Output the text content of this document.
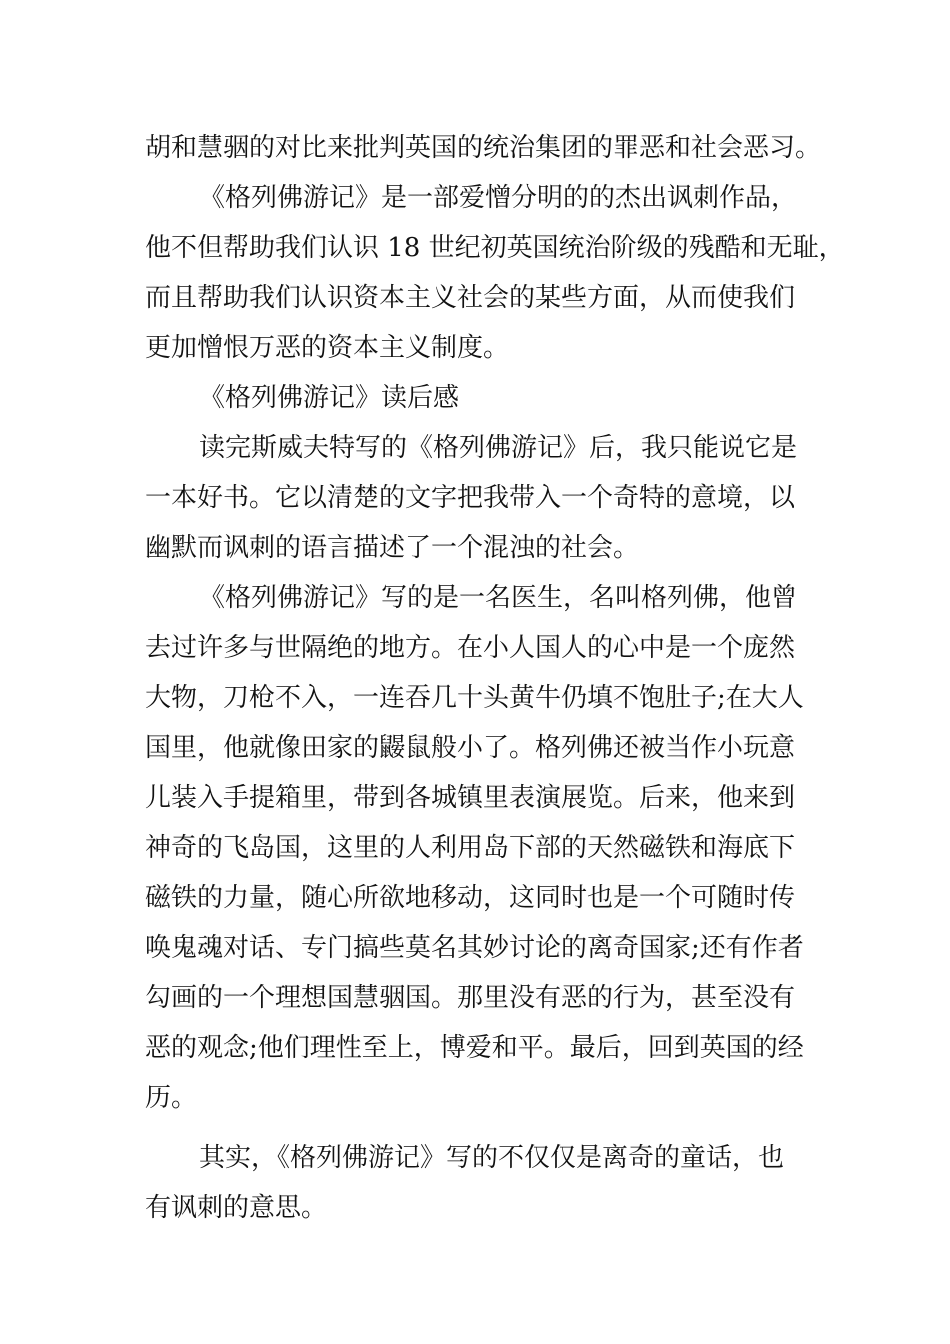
胡和慧骃的对比来批判英国的统治集团的罪恶和社会恶习。
《格列佛游记》是一部爱憎分明的的杰出讽刺作品，
他不但帮助我们认识 18 世纪初英国统治阶级的残酷和无耻，
而且帮助我们认识资本主义社会的某些方面，从而使我们
更加憎恨万恶的资本主义制度。
《格列佛游记》读后感
读完斯威夫特写的《格列佛游记》后，我只能说它是
一本好书。它以清楚的文字把我带入一个奇特的意境，以
幽默而讽刺的语言描述了一个混浊的社会。
《格列佛游记》写的是一名医生，名叫格列佛，他曾
去过许多与世隔绝的地方。在小人国人的心中是一个庞然
大物，刀枪不入，一连吞几十头黄牛仍填不饱肚子;在大人
国里，他就像田家的鼹鼠般小了。格列佛还被当作小玩意
儿装入手提箱里，带到各城镇里表演展览。后来，他来到
神奇的飞岛国，这里的人利用岛下部的天然磁铁和海底下
磁铁的力量，随心所欲地移动，这同时也是一个可随时传
唤鬼魂对话、专门搞些莫名其妙讨论的离奇国家;还有作者
勾画的一个理想国慧骃国。那里没有恶的行为，甚至没有
恶的观念;他们理性至上，博爱和平。最后，回到英国的经
历。
其实，《格列佛游记》写的不仅仅是离奇的童话，也
有讽刺的意思。
